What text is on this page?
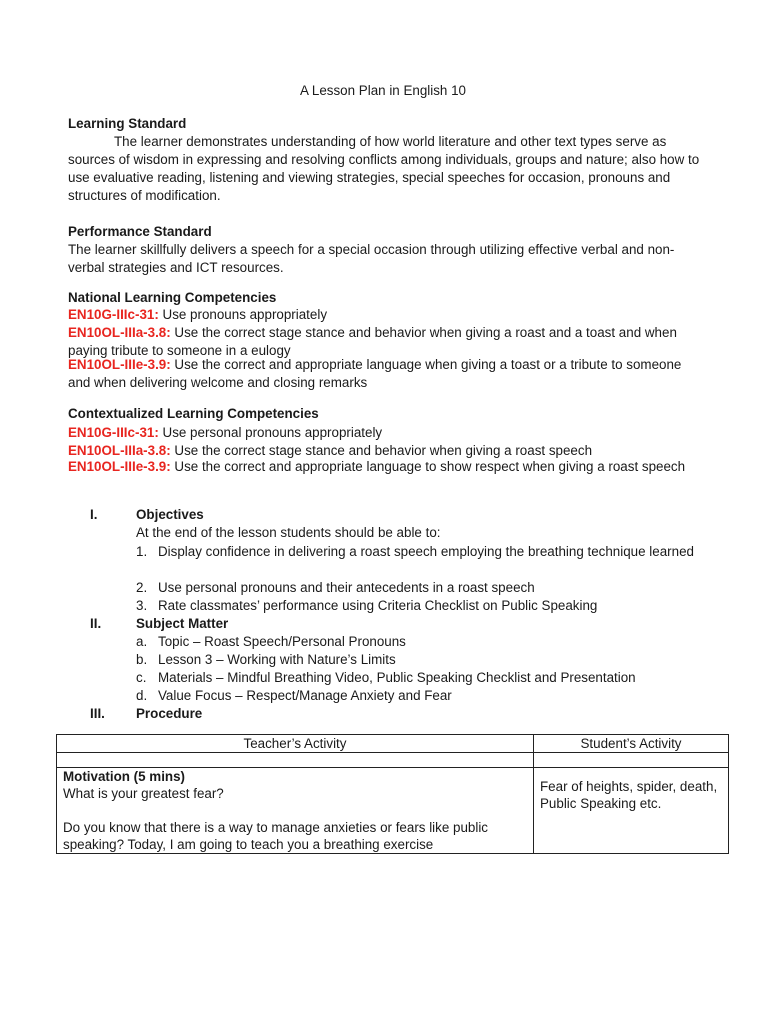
A Lesson Plan in English 10
Learning Standard
The learner demonstrates understanding of how world literature and other text types serve as sources of wisdom in expressing and resolving conflicts among individuals, groups and nature; also how to use evaluative reading, listening and viewing strategies, special speeches for occasion, pronouns and structures of modification.
Performance Standard
The learner skillfully delivers a speech for a special occasion through utilizing effective verbal and non-verbal strategies and ICT resources.
National Learning Competencies
EN10G-IIIc-31: Use pronouns appropriately
EN10OL-IIIa-3.8: Use the correct stage stance and behavior when giving a roast and a toast and when paying tribute to someone in a eulogy
EN10OL-IIIe-3.9: Use the correct and appropriate language when giving a toast or a tribute to someone and when delivering welcome and closing remarks
Contextualized Learning Competencies
EN10G-IIIc-31: Use personal pronouns appropriately
EN10OL-IIIa-3.8: Use the correct stage stance and behavior when giving a roast speech
EN10OL-IIIe-3.9: Use the correct and appropriate language to show respect when giving a roast speech
I.	Objectives
At the end of the lesson students should be able to:
1. Display confidence in delivering a roast speech employing the breathing technique learned
2. Use personal pronouns and their antecedents in a roast speech
3. Rate classmates’ performance using Criteria Checklist on Public Speaking
II.	Subject Matter
a. Topic – Roast Speech/Personal Pronouns
b. Lesson 3 – Working with Nature’s Limits
c. Materials – Mindful Breathing Video, Public Speaking Checklist and Presentation
d. Value Focus – Respect/Manage Anxiety and Fear
III. Procedure
Teacher’s Activity	Student’s Activity

Motivation (5 mins)
What is your greatest fear?
Do you know that there is a way to manage anxieties or fears like public speaking? Today, I am going to teach you a breathing exercise	Fear of heights, spider, death, Public Speaking etc.
